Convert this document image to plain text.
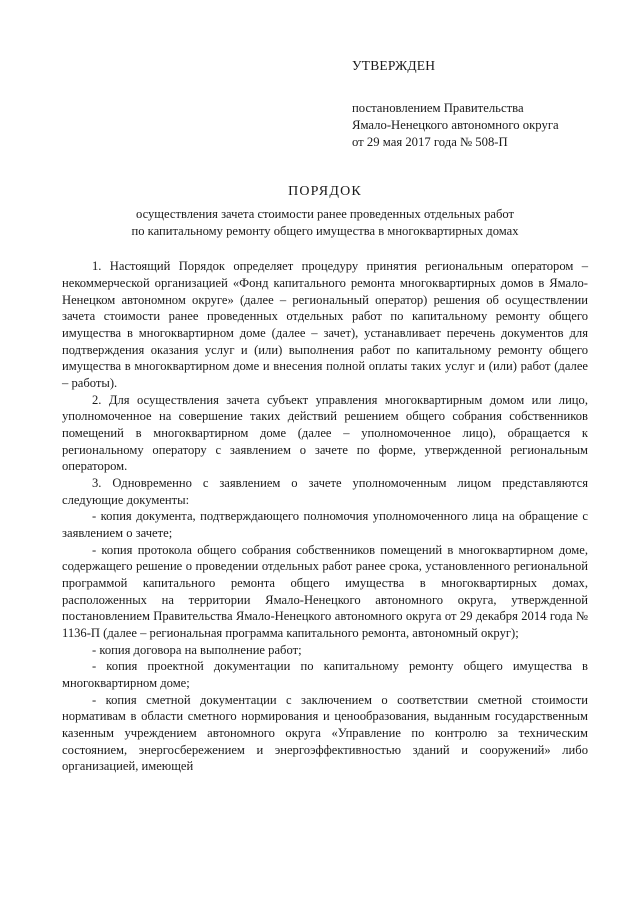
УТВЕРЖДЕН
постановлением Правительства
Ямало-Ненецкого автономного округа
от 29 мая 2017 года № 508-П
ПОРЯДОК
осуществления зачета стоимости ранее проведенных отдельных работ
по капитальному ремонту общего имущества в многоквартирных домах

1. Настоящий Порядок определяет процедуру принятия региональным оператором – некоммерческой организацией «Фонд капитального ремонта многоквартирных домов в Ямало-Ненецком автономном округе» (далее – региональный оператор) решения об осуществлении зачета стоимости ранее проведенных отдельных работ по капитальному ремонту общего имущества в многоквартирном доме (далее – зачет), устанавливает перечень документов для подтверждения оказания услуг и (или) выполнения работ по капитальному ремонту общего имущества в многоквартирном доме и внесения полной оплаты таких услуг и (или) работ (далее – работы).

2. Для осуществления зачета субъект управления многоквартирным домом или лицо, уполномоченное на совершение таких действий решением общего собрания собственников помещений в многоквартирном доме (далее – уполномоченное лицо), обращается к региональному оператору с заявлением о зачете по форме, утвержденной региональным оператором.

3. Одновременно с заявлением о зачете уполномоченным лицом представляются следующие документы:

- копия документа, подтверждающего полномочия уполномоченного лица на обращение с заявлением о зачете;

- копия протокола общего собрания собственников помещений в многоквартирном доме, содержащего решение о проведении отдельных работ ранее срока, установленного региональной программой капитального ремонта общего имущества в многоквартирных домах, расположенных на территории Ямало-Ненецкого автономного округа, утвержденной постановлением Правительства Ямало-Ненецкого автономного округа от 29 декабря 2014 года № 1136-П (далее – региональная программа капитального ремонта, автономный округ);

- копия договора на выполнение работ;

- копия проектной документации по капитальному ремонту общего имущества в многоквартирном доме;

- копия сметной документации с заключением о соответствии сметной стоимости нормативам в области сметного нормирования и ценообразования, выданным государственным казенным учреждением автономного округа «Управление по контролю за техническим состоянием, энергосбережением и энергоэффективностью зданий и сооружений» либо организацией, имеющей
